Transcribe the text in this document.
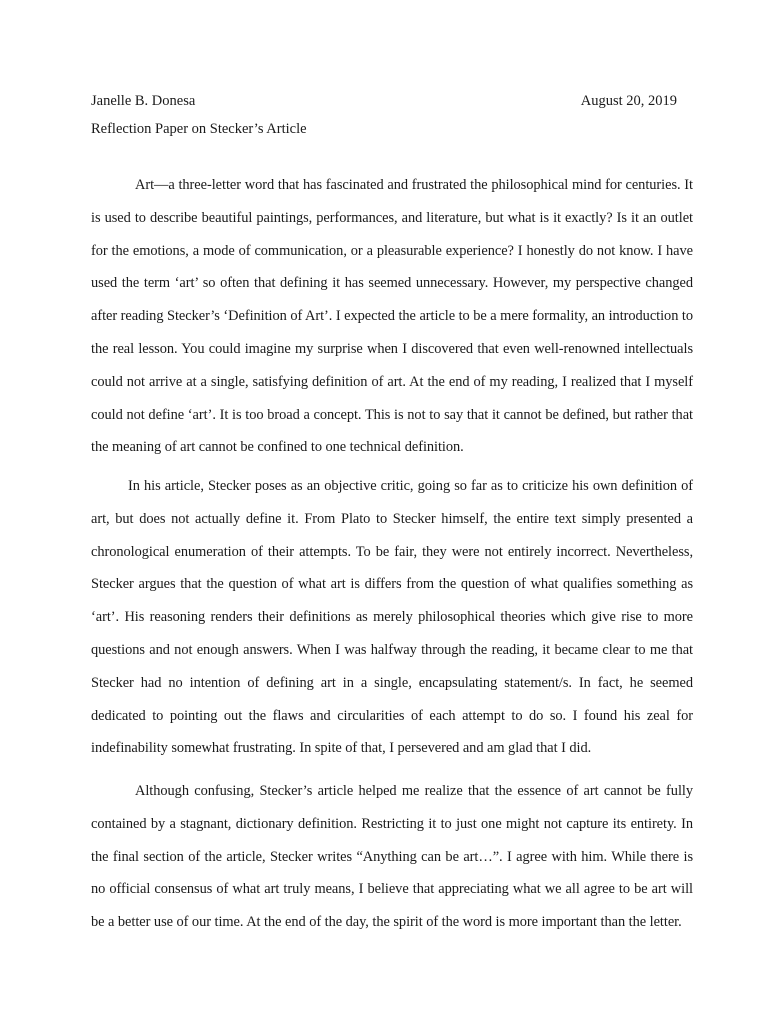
Janelle B. Donesa	August 20, 2019
Reflection Paper on Stecker’s Article

Art—a three-letter word that has fascinated and frustrated the philosophical mind for centuries. It is used to describe beautiful paintings, performances, and literature, but what is it exactly? Is it an outlet for the emotions, a mode of communication, or a pleasurable experience? I honestly do not know. I have used the term ‘art’ so often that defining it has seemed unnecessary. However, my perspective changed after reading Stecker’s ‘Definition of Art’. I expected the article to be a mere formality, an introduction to the real lesson. You could imagine my surprise when I discovered that even well-renowned intellectuals could not arrive at a single, satisfying definition of art. At the end of my reading, I realized that I myself could not define ‘art’. It is too broad a concept. This is not to say that it cannot be defined, but rather that the meaning of art cannot be confined to one technical definition.

In his article, Stecker poses as an objective critic, going so far as to criticize his own definition of art, but does not actually define it. From Plato to Stecker himself, the entire text simply presented a chronological enumeration of their attempts. To be fair, they were not entirely incorrect. Nevertheless, Stecker argues that the question of what art is differs from the question of what qualifies something as ‘art’. His reasoning renders their definitions as merely philosophical theories which give rise to more questions and not enough answers. When I was halfway through the reading, it became clear to me that Stecker had no intention of defining art in a single, encapsulating statement/s. In fact, he seemed dedicated to pointing out the flaws and circularities of each attempt to do so. I found his zeal for indefinability somewhat frustrating. In spite of that, I persevered and am glad that I did.

Although confusing, Stecker’s article helped me realize that the essence of art cannot be fully contained by a stagnant, dictionary definition. Restricting it to just one might not capture its entirety. In the final section of the article, Stecker writes “Anything can be art…”. I agree with him. While there is no official consensus of what art truly means, I believe that appreciating what we all agree to be art will be a better use of our time. At the end of the day, the spirit of the word is more important than the letter.
